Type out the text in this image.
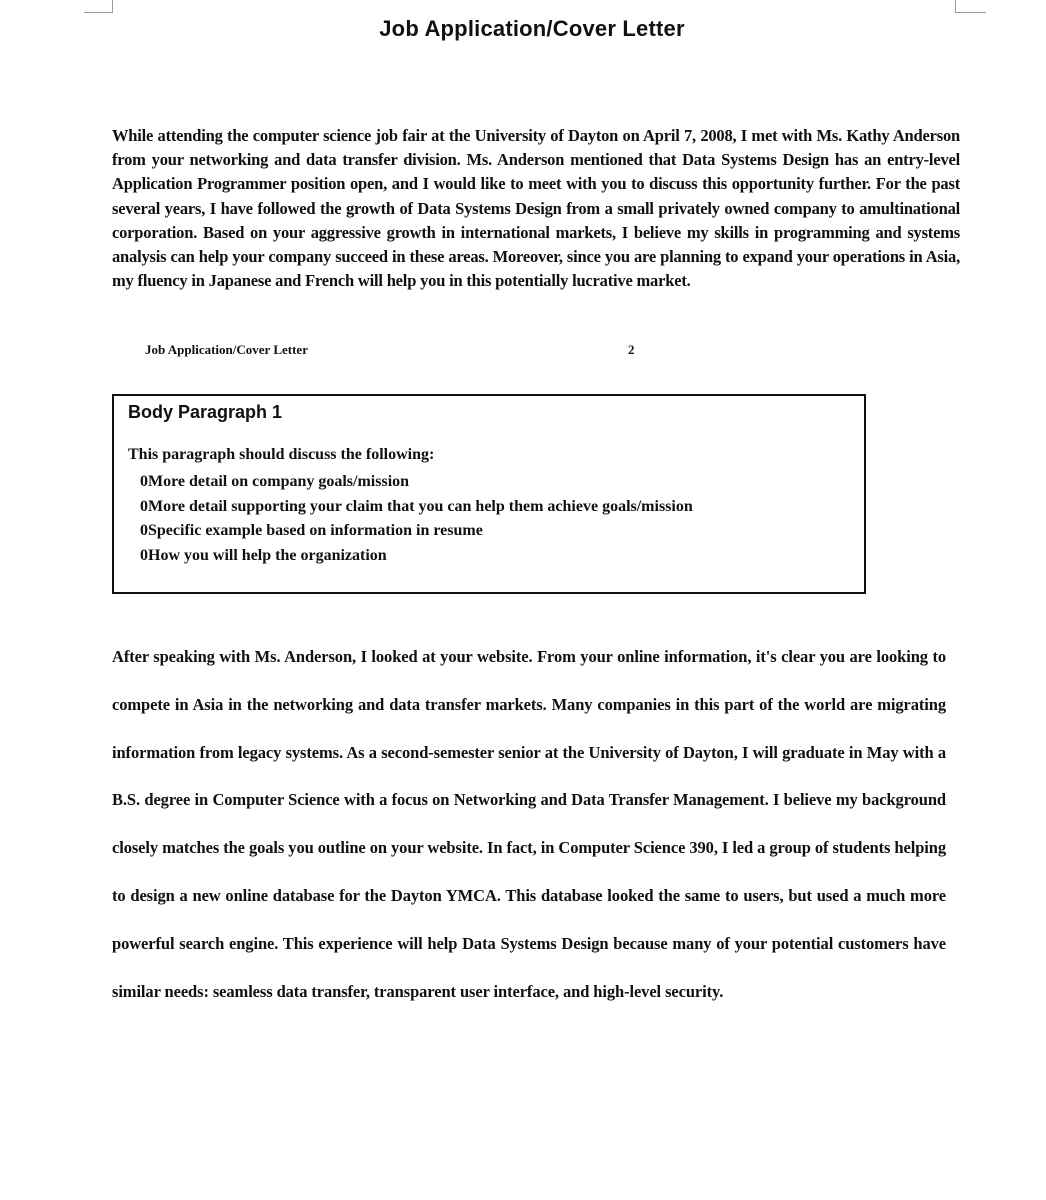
Job Application/Cover Letter

While attending the computer science job fair at the University of Dayton on April 7, 2008, I met with Ms. Kathy Anderson from your networking and data transfer division. Ms. Anderson mentioned that Data Systems Design has an entry-level Application Programmer position open, and I would like to meet with you to discuss this opportunity further. For the past several years, I have followed the growth of Data Systems Design from a small privately owned company to amultinational corporation. Based on your aggressive growth in international markets, I believe my skills in programming and systems analysis can help your company succeed in these areas. Moreover, since you are planning to expand your operations in Asia, my fluency in Japanese and French will help you in this potentially lucrative market.

Job Application/Cover Letter	2
Body Paragraph 1
This paragraph should discuss the following:
0More detail on company goals/mission
0More detail supporting your claim that you can help them achieve goals/mission
0Specific example based on information in resume
0How you will help the organization

After speaking with Ms. Anderson, I looked at your website. From your online information, it's clear you are looking to compete in Asia in the networking and data transfer markets. Many companies in this part of the world are migrating information from legacy systems. As a second-semester senior at the University of Dayton, I will graduate in May with a B.S. degree in Computer Science with a focus on Networking and Data Transfer Management. I believe my background closely matches the goals you outline on your website. In fact, in Computer Science 390, I led a group of students helping to design a new online database for the Dayton YMCA. This database looked the same to users, but used a much more powerful search engine. This experience will help Data Systems Design because many of your potential customers have similar needs: seamless data transfer, transparent user interface, and high-level security.
